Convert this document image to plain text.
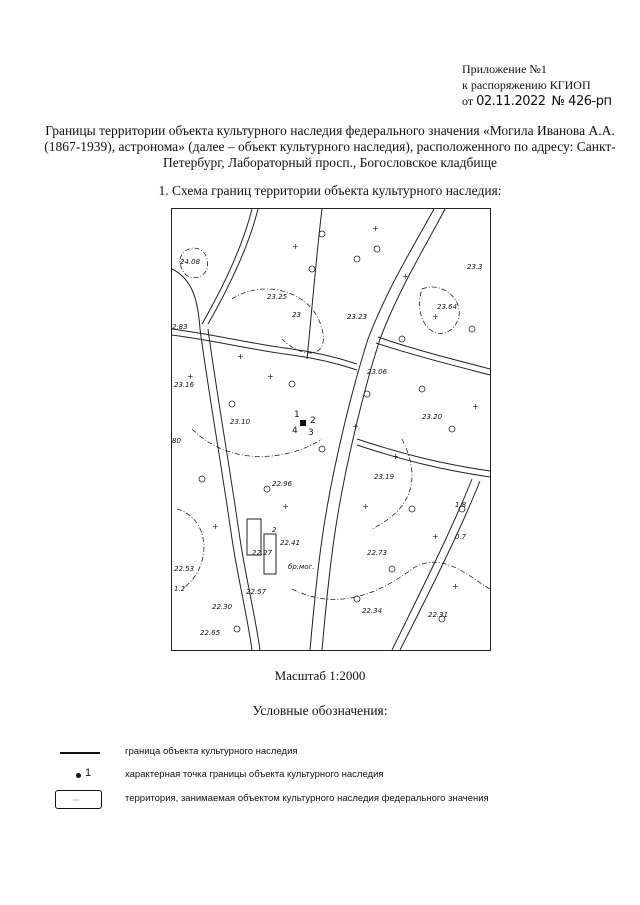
Приложение №1
к распоряжению КГИОП
от 02.11.2022 № 426-рп
Границы территории объекта культурного наследия федерального значения «Могила Иванова А.А. (1867-1939), астронома» (далее – объект культурного наследия), расположенного по адресу: Санкт-Петербург, Лабораторный просп., Богословское кладбище
1. Схема границ территории объекта культурного наследия:
+
+
+
+
+
+
+
+
+
+
+	+
+
+
+
24.08
23.25
23.23
23.3
23.64
2.83
23.16
23.06
23.10
23.20
80
22.96
23.19
1.8
0.7
22.41
22.27
22.53
22.73
22.57
22.30	22.34
22.65
22.31
23
бр.мог.
2
1.2
1
2
3
4
Масштаб 1:2000
Условные обозначения:
граница объекта культурного наследия
1	характерная точка границы объекта культурного наследия
территория, занимаемая объектом культурного наследия федерального значения
